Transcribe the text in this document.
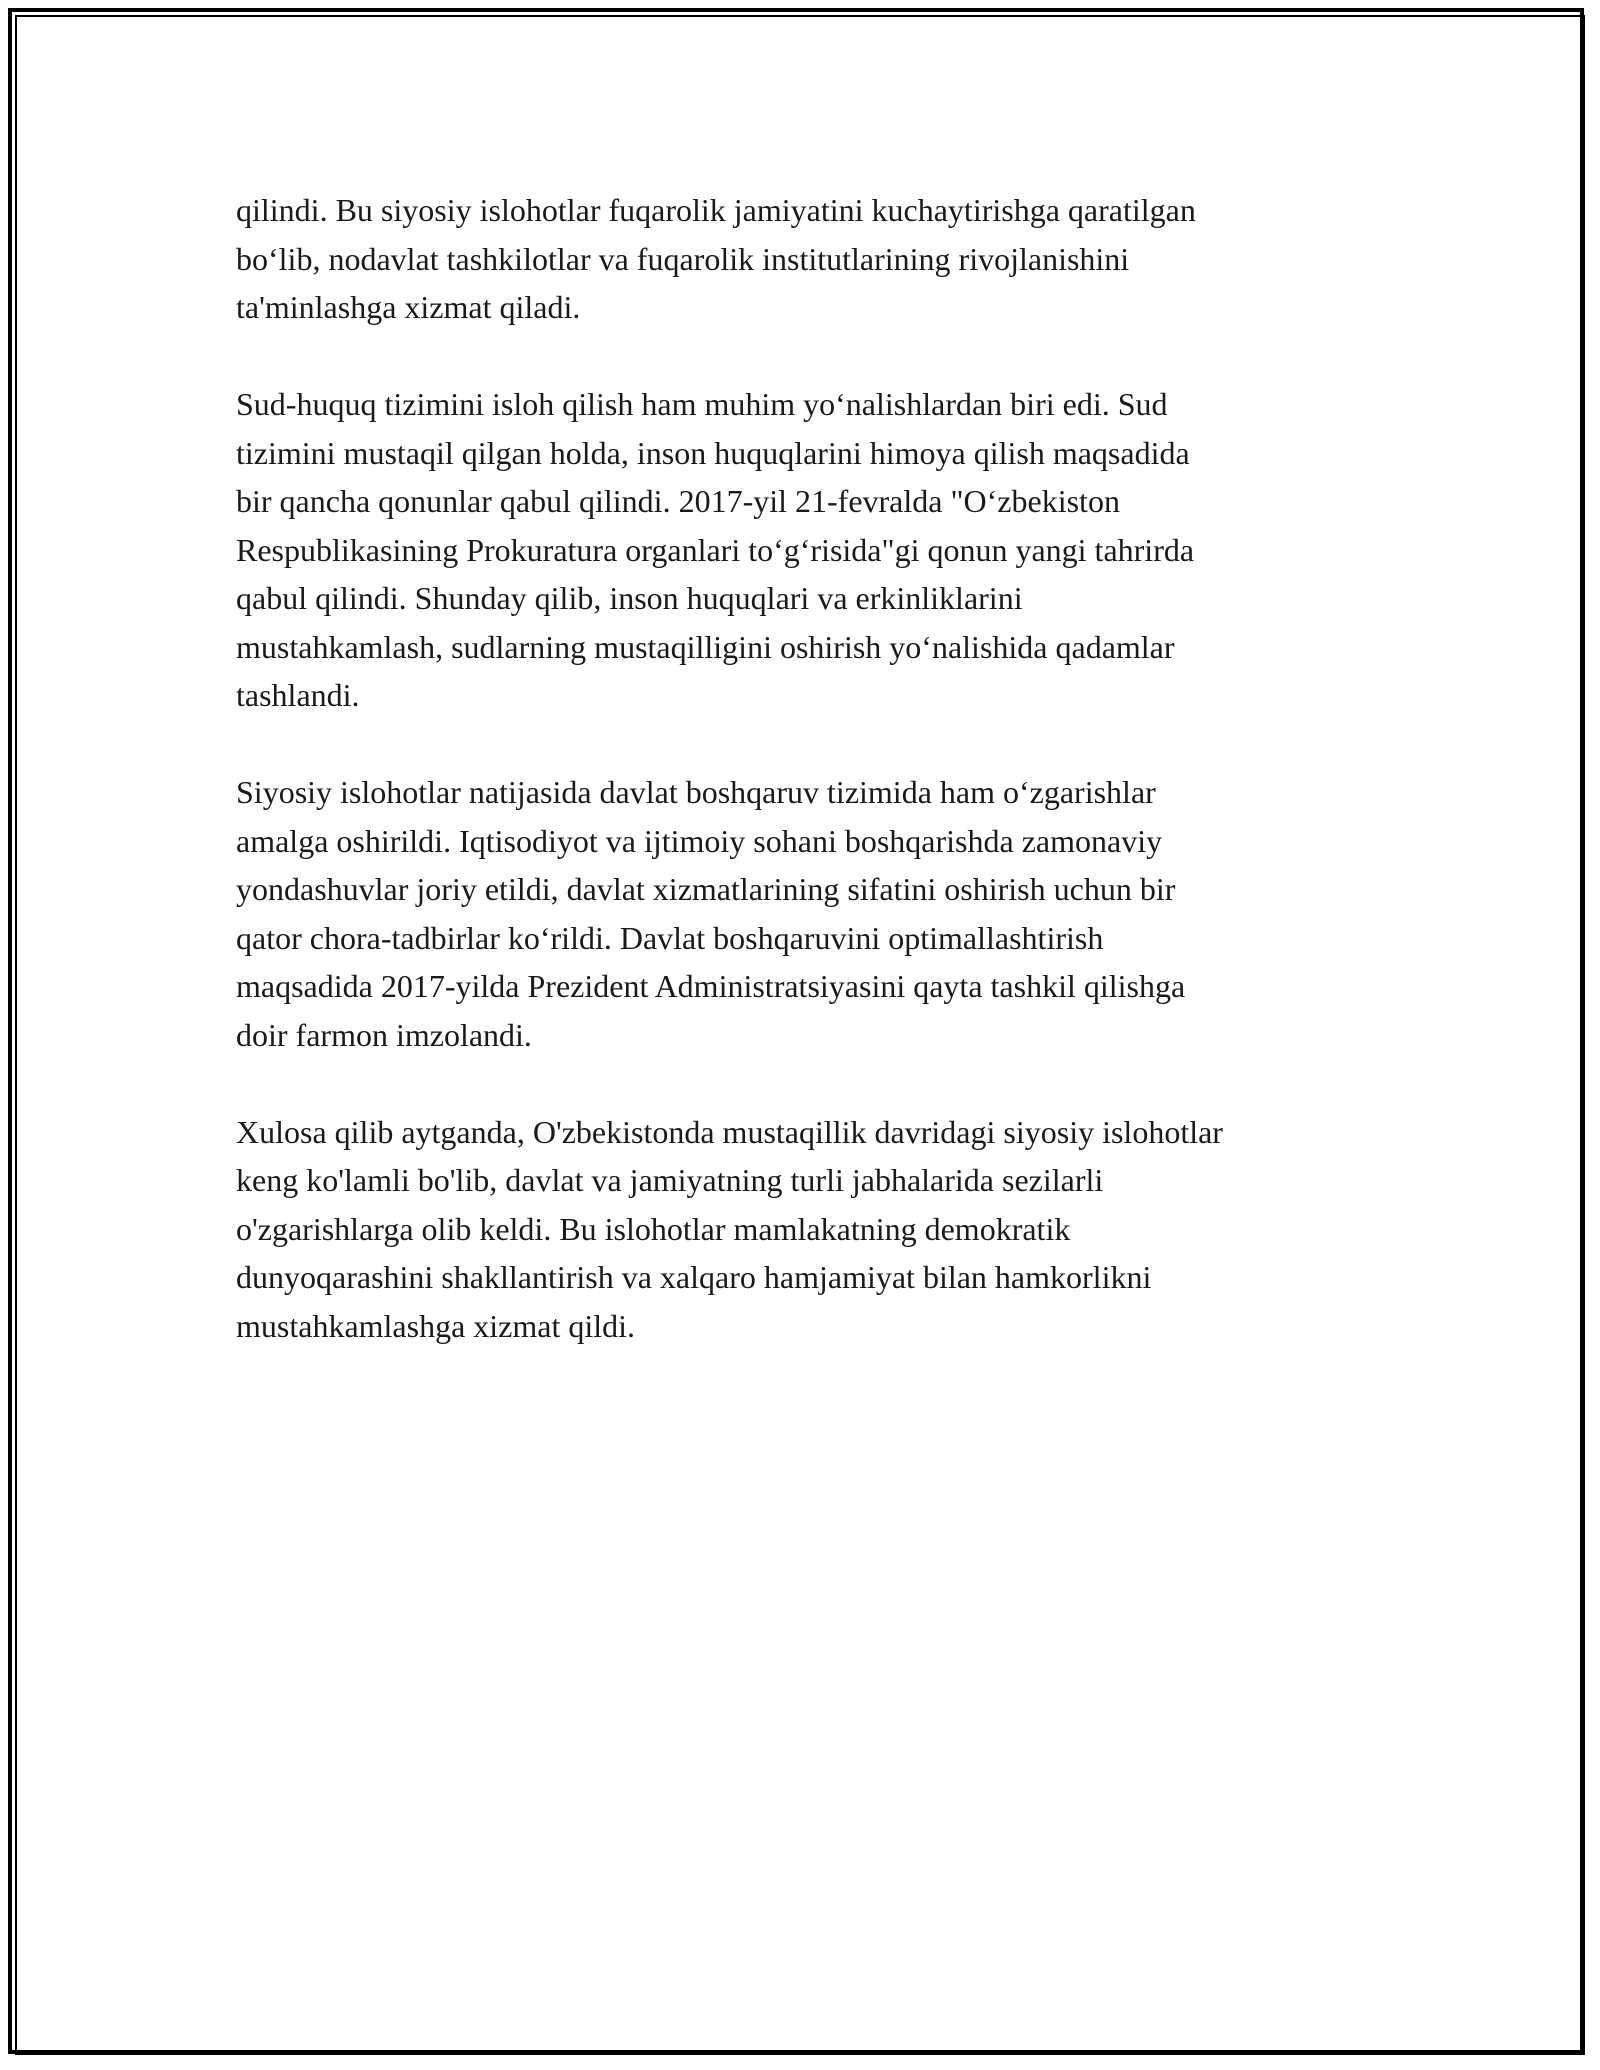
qilindi. Bu siyosiy islohotlar fuqarolik jamiyatini kuchaytirishga qaratilgan
bo‘lib, nodavlat tashkilotlar va fuqarolik institutlarining rivojlanishini
ta'minlashga xizmat qiladi.

Sud-huquq tizimini isloh qilish ham muhim yo‘nalishlardan biri edi. Sud
tizimini mustaqil qilgan holda, inson huquqlarini himoya qilish maqsadida
bir qancha qonunlar qabul qilindi. 2017-yil 21-fevralda "O‘zbekiston
Respublikasining Prokuratura organlari to‘g‘risida"gi qonun yangi tahrirda
qabul qilindi. Shunday qilib, inson huquqlari va erkinliklarini
mustahkamlash, sudlarning mustaqilligini oshirish yo‘nalishida qadamlar
tashlandi.

Siyosiy islohotlar natijasida davlat boshqaruv tizimida ham o‘zgarishlar
amalga oshirildi. Iqtisodiyot va ijtimoiy sohani boshqarishda zamonaviy
yondashuvlar joriy etildi, davlat xizmatlarining sifatini oshirish uchun bir
qator chora-tadbirlar ko‘rildi. Davlat boshqaruvini optimallashtirish
maqsadida 2017-yilda Prezident Administratsiyasini qayta tashkil qilishga
doir farmon imzolandi.

Xulosa qilib aytganda, O'zbekistonda mustaqillik davridagi siyosiy islohotlar
keng ko'lamli bo'lib, davlat va jamiyatning turli jabhalarida sezilarli
o'zgarishlarga olib keldi. Bu islohotlar mamlakatning demokratik
dunyoqarashini shakllantirish va xalqaro hamjamiyat bilan hamkorlikni
mustahkamlashga xizmat qildi.
